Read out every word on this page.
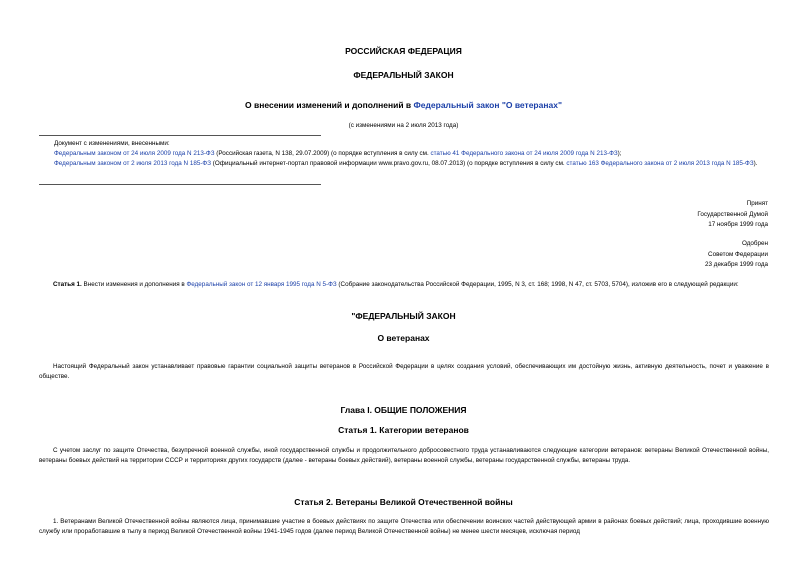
РОССИЙСКАЯ ФЕДЕРАЦИЯ
ФЕДЕРАЛЬНЫЙ ЗАКОН
О внесении изменений и дополнений в Федеральный закон "О ветеранах"
(с изменениями на 2 июля 2013 года)
Документ с изменениями, внесенными:
Федеральным законом от 24 июля 2009 года N 213-ФЗ (Российская газета, N 138, 29.07.2009) (о порядке вступления в силу см. статью 41 Федерального закона от 24 июля 2009 года N 213-ФЗ);
Федеральным законом от 2 июля 2013 года N 185-ФЗ (Официальный интернет-портал правовой информации www.pravo.gov.ru, 08.07.2013) (о порядке вступления в силу см. статью 163 Федерального закона от 2 июля 2013 года N 185-ФЗ).
Принят
Государственной Думой
17 ноября 1999 года
Одобрен
Советом Федерации
23 декабря 1999 года
Статья 1. Внести изменения и дополнения в Федеральный закон от 12 января 1995 года N 5-ФЗ (Собрание законодательства Российской Федерации, 1995, N 3, ст. 168; 1998, N 47, ст. 5703, 5704), изложив его в следующей редакции:
"ФЕДЕРАЛЬНЫЙ ЗАКОН
О ветеранах
Настоящий Федеральный закон устанавливает правовые гарантии социальной защиты ветеранов в Российской Федерации в целях создания условий, обеспечивающих им достойную жизнь, активную деятельность, почет и уважение в обществе.
Глава I. ОБЩИЕ ПОЛОЖЕНИЯ
Статья 1. Категории ветеранов
С учетом заслуг по защите Отечества, безупречной военной службы, иной государственной службы и продолжительного добросовестного труда устанавливаются следующие категории ветеранов: ветераны Великой Отечественной войны, ветераны боевых действий на территории СССР и территориях других государств (далее - ветераны боевых действий), ветераны военной службы, ветераны государственной службы, ветераны труда.
Статья 2. Ветераны Великой Отечественной войны
1. Ветеранами Великой Отечественной войны являются лица, принимавшие участие в боевых действиях по защите Отечества или обеспечении воинских частей действующей армии в районах боевых действий; лица, проходившие военную службу или проработавшие в тылу в период Великой Отечественной войны 1941-1945 годов (далее период Великой Отечественной войны) не менее шести месяцев, исключая период
